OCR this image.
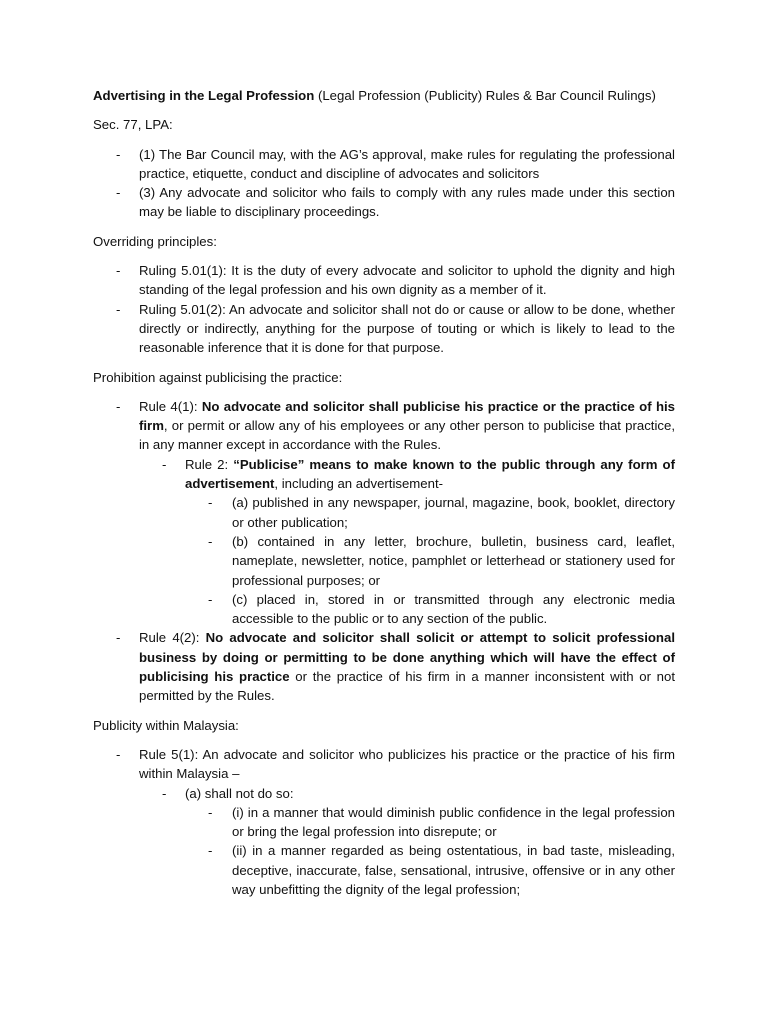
Advertising in the Legal Profession (Legal Profession (Publicity) Rules & Bar Council Rulings)

Sec. 77, LPA:

- (1) The Bar Council may, with the AG’s approval, make rules for regulating the professional practice, etiquette, conduct and discipline of advocates and solicitors
- (3) Any advocate and solicitor who fails to comply with any rules made under this section may be liable to disciplinary proceedings.

Overriding principles:

- Ruling 5.01(1): It is the duty of every advocate and solicitor to uphold the dignity and high standing of the legal profession and his own dignity as a member of it.
- Ruling 5.01(2): An advocate and solicitor shall not do or cause or allow to be done, whether directly or indirectly, anything for the purpose of touting or which is likely to lead to the reasonable inference that it is done for that purpose.

Prohibition against publicising the practice:

- Rule 4(1): No advocate and solicitor shall publicise his practice or the practice of his firm, or permit or allow any of his employees or any other person to publicise that practice, in any manner except in accordance with the Rules.
- Rule 2: “Publicise” means to make known to the public through any form of advertisement, including an advertisement-
- (a) published in any newspaper, journal, magazine, book, booklet, directory or other publication;
- (b) contained in any letter, brochure, bulletin, business card, leaflet, nameplate, newsletter, notice, pamphlet or letterhead or stationery used for professional purposes; or
- (c) placed in, stored in or transmitted through any electronic media accessible to the public or to any section of the public.
- Rule 4(2): No advocate and solicitor shall solicit or attempt to solicit professional business by doing or permitting to be done anything which will have the effect of publicising his practice or the practice of his firm in a manner inconsistent with or not permitted by the Rules.

Publicity within Malaysia:

- Rule 5(1): An advocate and solicitor who publicizes his practice or the practice of his firm within Malaysia –
- (a) shall not do so:
- (i) in a manner that would diminish public confidence in the legal profession or bring the legal profession into disrepute; or
- (ii) in a manner regarded as being ostentatious, in bad taste, misleading, deceptive, inaccurate, false, sensational, intrusive, offensive or in any other way unbefitting the dignity of the legal profession;
